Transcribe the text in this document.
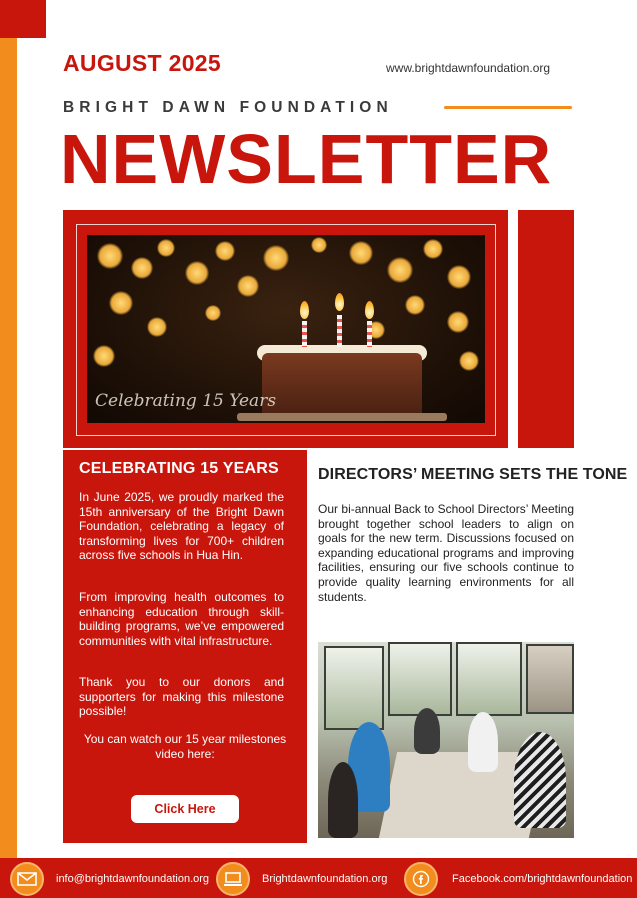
AUGUST 2025	www.brightdawnfoundation.org
BRIGHT DAWN FOUNDATION
NEWSLETTER
Celebrating 15 Years
CELEBRATING 15 YEARS

In June 2025, we proudly marked the 15th anniversary of the Bright Dawn Foundation, celebrating a legacy of transforming lives for 700+ children across five schools in Hua Hin.

From improving health outcomes to enhancing education through skill-building programs, we’ve empowered communities with vital infrastructure.

Thank you to our donors and supporters for making this milestone possible!

You can watch our 15 year milestones video here:
Click Here
DIRECTORS’ MEETING SETS THE TONE

Our bi-annual Back to School Directors’ Meeting brought together school leaders to align on goals for the new term. Discussions focused on expanding educational programs and improving facilities, ensuring our five schools continue to provide quality learning environments for all students.

info@brightdawnfoundation.org	Brightdawnfoundation.org	Facebook.com/brightdawnfoundation
